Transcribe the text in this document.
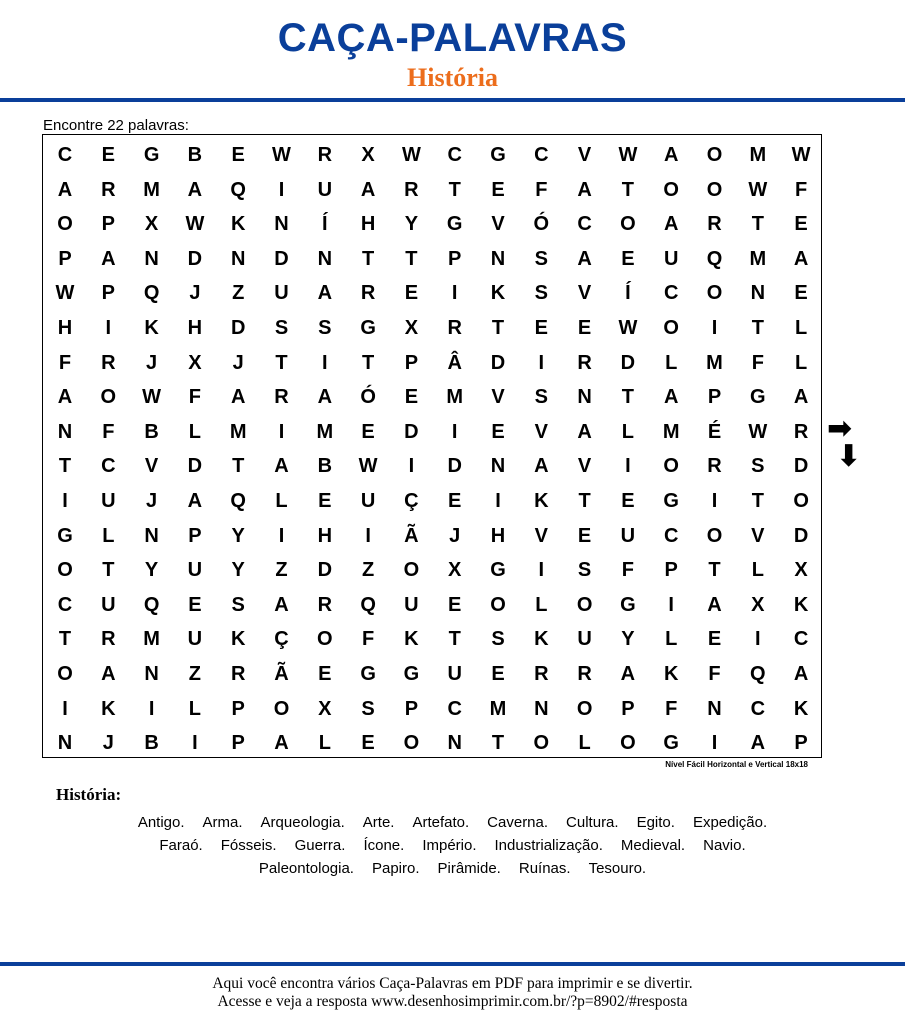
CAÇA-PALAVRAS
História
Encontre 22 palavras:
C	E	G	B	E	W	R	X	W	C	G	C	V	W	A	O	M	W
A	R	M	A	Q	I	U	A	R	T	E	F	A	T	O	O	W	F
O	P	X	W	K	N	Í	H	Y	G	V	Ó	C	O	A	R	T	E
P	A	N	D	N	D	N	T	T	P	N	S	A	E	U	Q	M	A
W	P	Q	J	Z	U	A	R	E	I	K	S	V	Í	C	O	N	E
H	I	K	H	D	S	S	G	X	R	T	E	E	W	O	I	T	L
F	R	J	X	J	T	I	T	P	Â	D	I	R	D	L	M	F	L
A	O	W	F	A	R	A	Ó	E	M	V	S	N	T	A	P	G	A
N	F	B	L	M	I	M	E	D	I	E	V	A	L	M	É	W	R
T	C	V	D	T	A	B	W	I	D	N	A	V	I	O	R	S	D
I	U	J	A	Q	L	E	U	Ç	E	I	K	T	E	G	I	T	O
G	L	N	P	Y	I	H	I	Ã	J	H	V	E	U	C	O	V	D
O	T	Y	U	Y	Z	D	Z	O	X	G	I	S	F	P	T	L	X
C	U	Q	E	S	A	R	Q	U	E	O	L	O	G	I	A	X	K
T	R	M	U	K	Ç	O	F	K	T	S	K	U	Y	L	E	I	C
O	A	N	Z	R	Ã	E	G	G	U	E	R	R	A	K	F	Q	A
I	K	I	L	P	O	X	S	P	C	M	N	O	P	F	N	C	K
N	J	B	I	P	A	L	E	O	N	T	O	L	O	G	I	A	P
Nível Fácil Horizontal e Vertical 18x18
➡
⬇
História:
Antigo. Arma. Arqueologia. Arte. Artefato. Caverna. Cultura. Egito. Expedição.
Faraó. Fósseis. Guerra. Ícone. Império. Industrialização. Medieval. Navio.
Paleontologia. Papiro. Pirâmide. Ruínas. Tesouro.
Aqui você encontra vários Caça-Palavras em PDF para imprimir e se divertir.
Acesse e veja a resposta www.desenhosimprimir.com.br/?p=8902/#resposta
